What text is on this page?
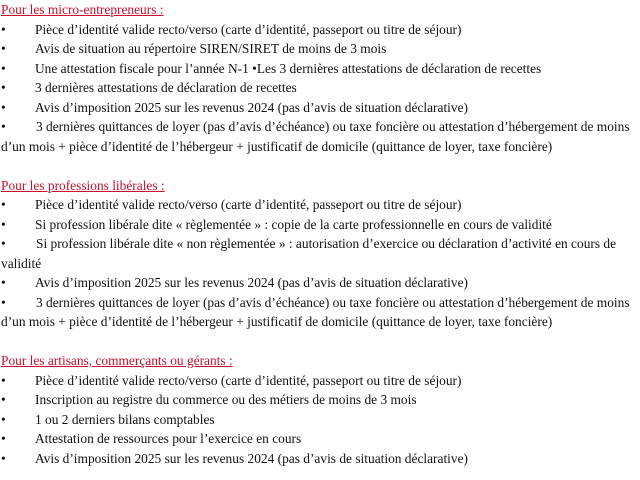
Pour les micro-entrepreneurs :
•	Pièce d’identité valide recto/verso (carte d’identité, passeport ou titre de séjour)
•	Avis de situation au répertoire SIREN/SIRET de moins de 3 mois
•	Une attestation fiscale pour l’année N-1 •Les 3 dernières attestations de déclaration de recettes
•	3 dernières attestations de déclaration de recettes
•	Avis d’imposition 2025 sur les revenus 2024 (pas d’avis de situation déclarative)
•	3 dernières quittances de loyer (pas d’avis d’échéance) ou taxe foncière ou attestation d’hébergement de moins d’un mois + pièce d’identité de l’hébergeur + justificatif de domicile (quittance de loyer, taxe foncière)
Pour les professions libérales :
•	Pièce d’identité valide recto/verso (carte d’identité, passeport ou titre de séjour)
•	Si profession libérale dite « règlementée » : copie de la carte professionnelle en cours de validité
•	Si profession libérale dite « non règlementée » : autorisation d’exercice ou déclaration d’activité en cours de validité
•	Avis d’imposition 2025 sur les revenus 2024 (pas d’avis de situation déclarative)
•	3 dernières quittances de loyer (pas d’avis d’échéance) ou taxe foncière ou attestation d’hébergement de moins d’un mois + pièce d’identité de l’hébergeur + justificatif de domicile (quittance de loyer, taxe foncière)
Pour les artisans, commerçants ou gérants :
•	Pièce d’identité valide recto/verso (carte d’identité, passeport ou titre de séjour)
•	Inscription au registre du commerce ou des métiers de moins de 3 mois
•	1 ou 2 derniers bilans comptables
•	Attestation de ressources pour l’exercice en cours
•	Avis d’imposition 2025 sur les revenus 2024 (pas d’avis de situation déclarative)
